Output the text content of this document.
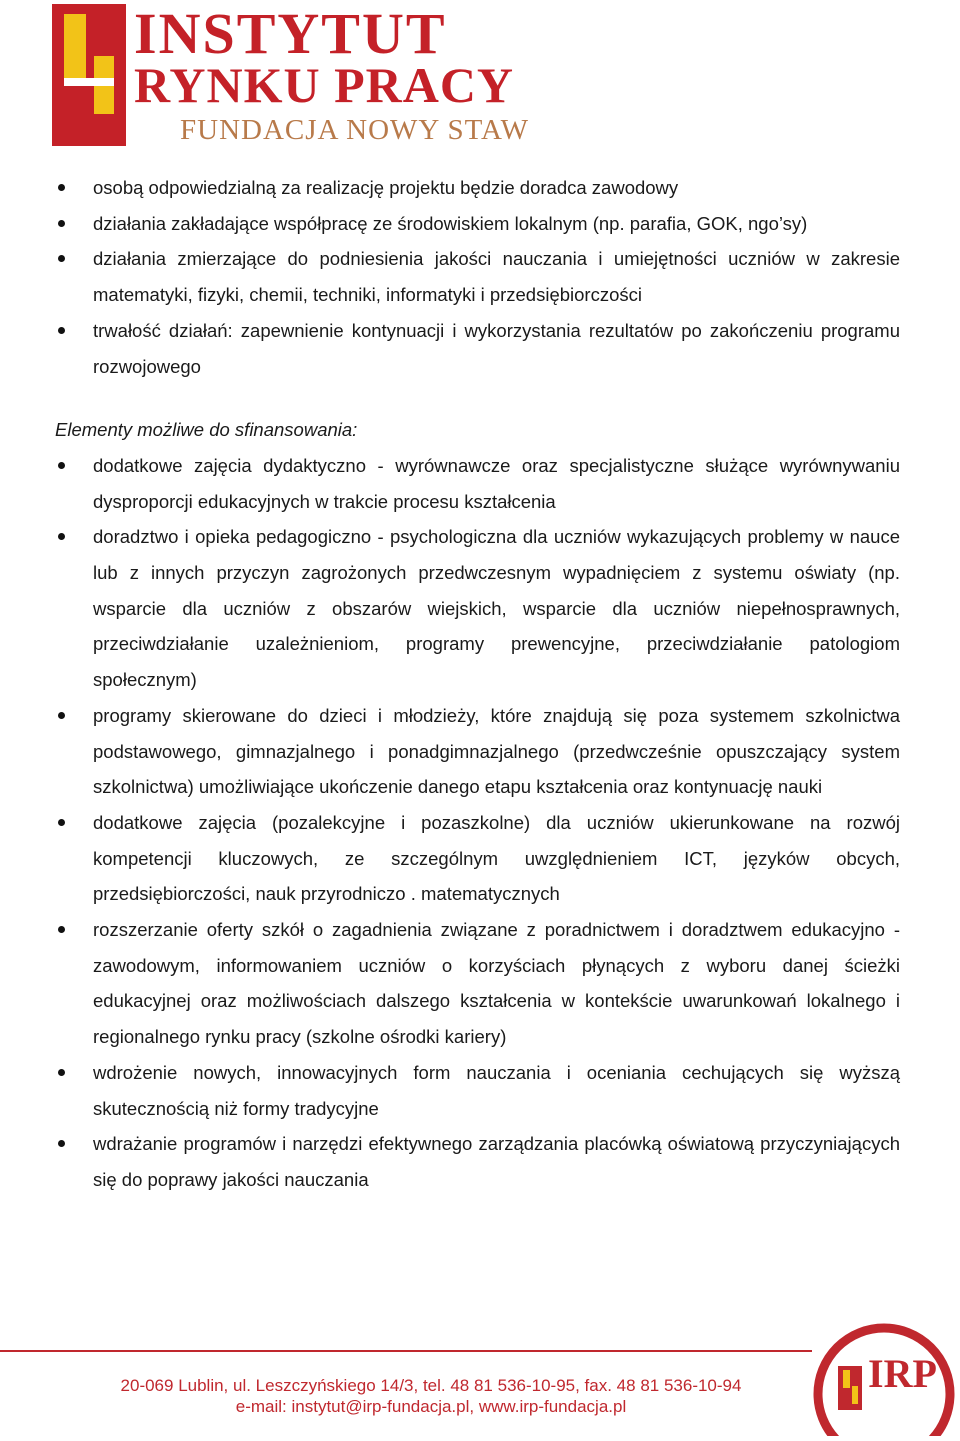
INSTYTUT
RYNKU PRACY
FUNDACJA NOWY STAW
osobą odpowiedzialną za realizację projektu będzie doradca zawodowy
działania zakładające współpracę ze środowiskiem lokalnym (np. parafia, GOK, ngo’sy)
działania zmierzające do podniesienia jakości nauczania i umiejętności uczniów w zakresie matematyki, fizyki, chemii, techniki, informatyki i przedsiębiorczości
trwałość działań: zapewnienie kontynuacji i wykorzystania rezultatów po zakończeniu programu rozwojowego

Elementy możliwe do sfinansowania:

dodatkowe zajęcia dydaktyczno - wyrównawcze oraz specjalistyczne służące wyrównywaniu dysproporcji edukacyjnych w trakcie procesu kształcenia
doradztwo i opieka pedagogiczno - psychologiczna dla uczniów wykazujących problemy w nauce lub z innych przyczyn zagrożonych przedwczesnym wypadnięciem z systemu oświaty (np. wsparcie dla uczniów z obszarów wiejskich, wsparcie dla uczniów niepełnosprawnych, przeciwdziałanie uzależnieniom, programy prewencyjne, przeciwdziałanie patologiom społecznym)
programy skierowane do dzieci i młodzieży, które znajdują się poza systemem szkolnictwa podstawowego, gimnazjalnego i ponadgimnazjalnego (przedwcześnie opuszczający system szkolnictwa) umożliwiające ukończenie danego etapu kształcenia oraz kontynuację nauki
dodatkowe zajęcia (pozalekcyjne i pozaszkolne) dla uczniów ukierunkowane na rozwój kompetencji kluczowych, ze szczególnym uwzględnieniem ICT, języków obcych, przedsiębiorczości, nauk przyrodniczo . matematycznych
rozszerzanie oferty szkół o zagadnienia związane z poradnictwem i doradztwem edukacyjno - zawodowym, informowaniem uczniów o korzyściach płynących z wyboru danej ścieżki edukacyjnej oraz możliwościach dalszego kształcenia w kontekście uwarunkowań lokalnego i regionalnego rynku pracy (szkolne ośrodki kariery)
wdrożenie nowych, innowacyjnych form nauczania i oceniania cechujących się wyższą skutecznością niż formy tradycyjne
wdrażanie programów i narzędzi efektywnego zarządzania placówką oświatową przyczyniających się do poprawy jakości nauczania
20-069 Lublin, ul. Leszczyńskiego 14/3, tel. 48 81 536-10-95, fax. 48 81 536-10-94
e-mail: instytut@irp-fundacja.pl, www.irp-fundacja.pl
IRP
